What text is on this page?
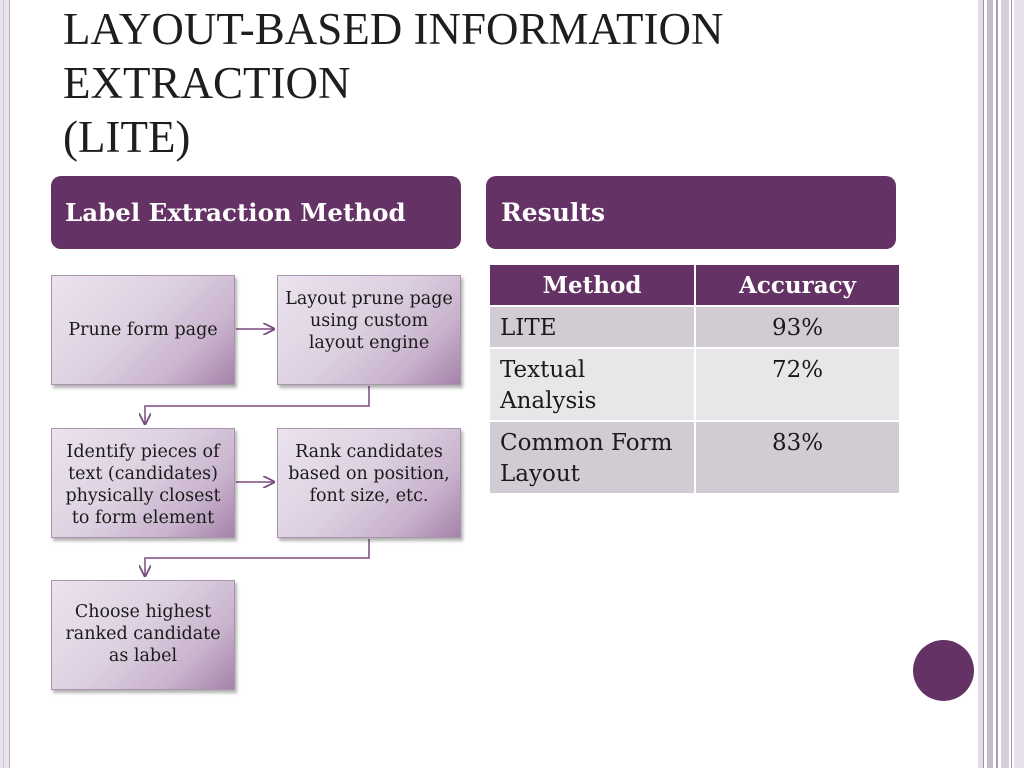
LAYOUT-BASED INFORMATION
EXTRACTION
(LITE)
Label Extraction Method	Results
Prune form page
Layout prune page using custom layout engine
Identify pieces of text (candidates) physically closest to form element
Rank candidates based on position, font size, etc.
Choose highest ranked candidate as label
Method	Accuracy
LITE	93%
Textual Analysis	72%
Common Form Layout	83%
